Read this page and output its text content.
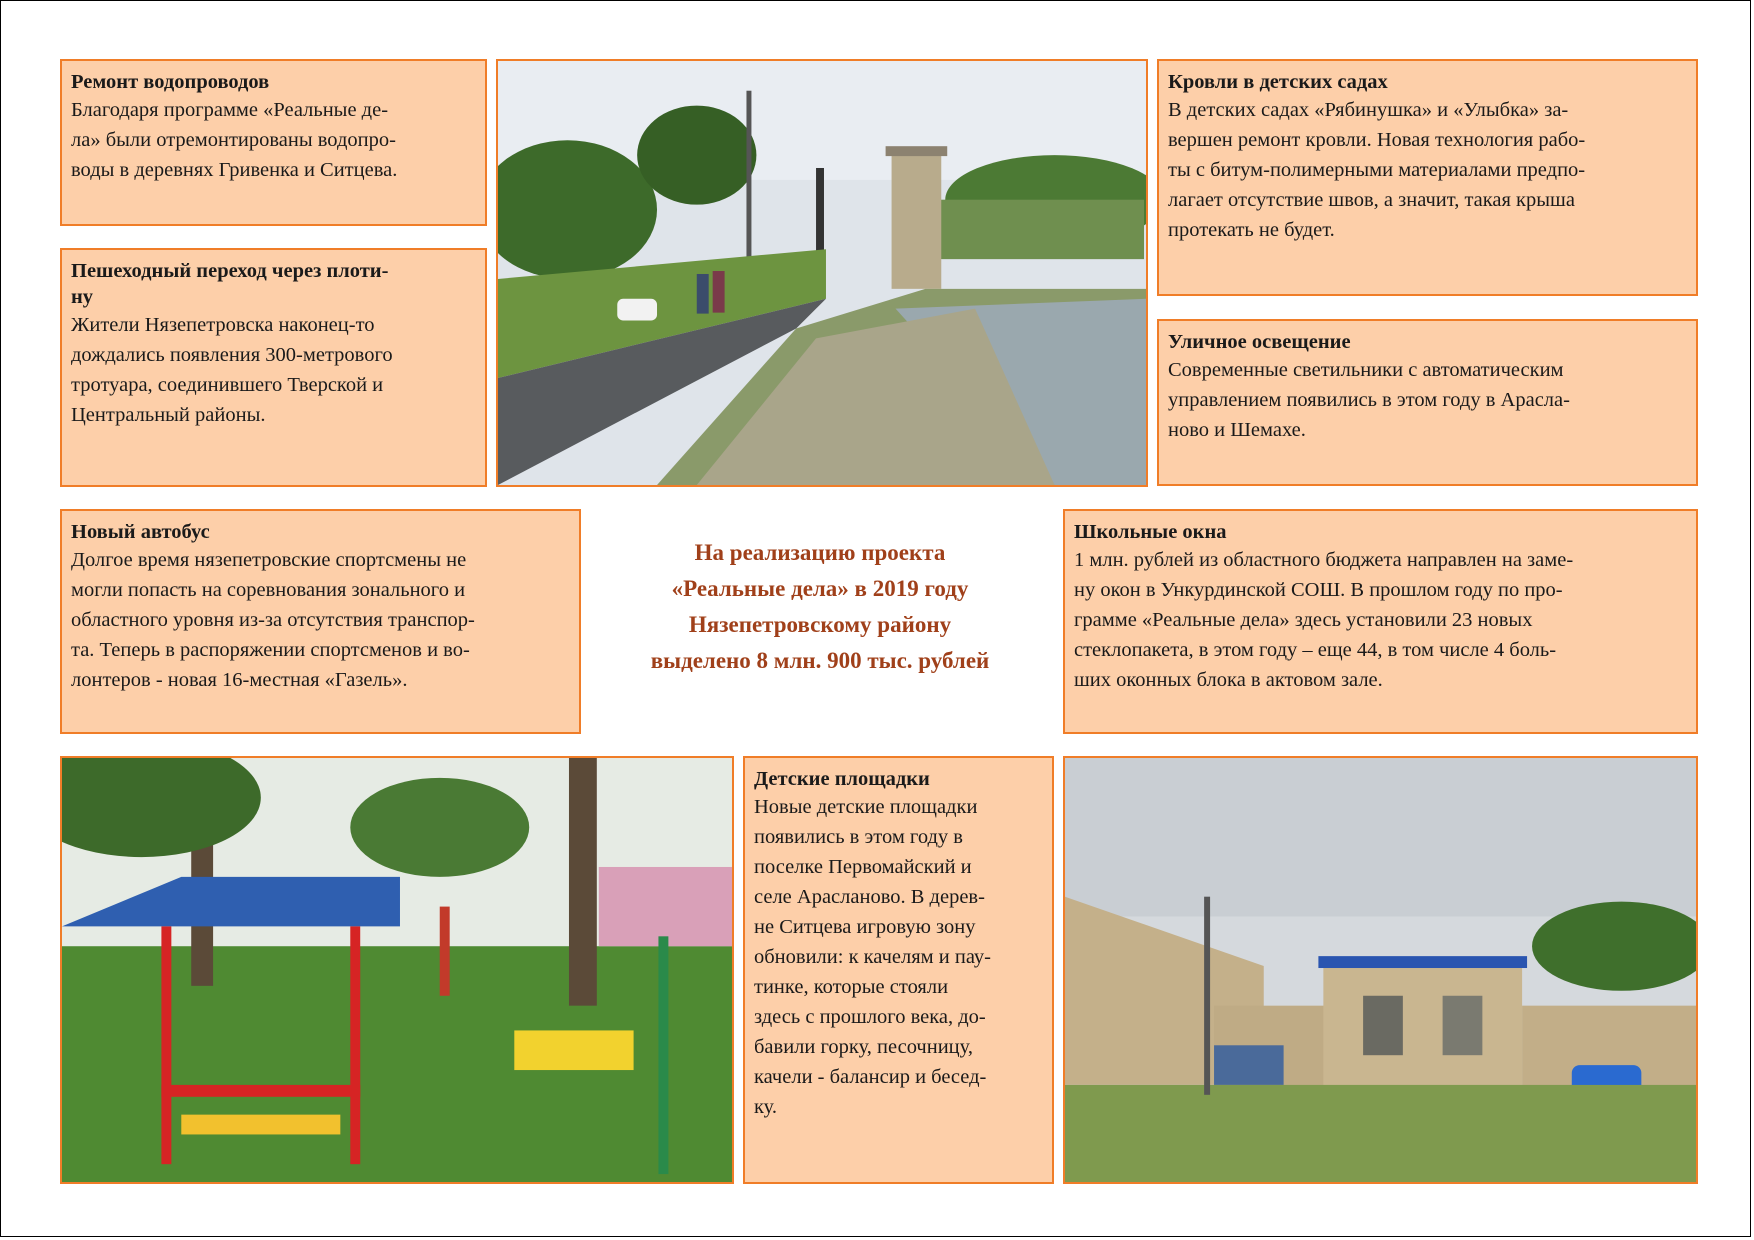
Ремонт водопроводов

Благодаря программе «Реальные де-

ла» были отремонтированы водопро-

воды в деревнях Гривенка и Ситцева.

Пешеходный переход через плоти-
ну

Жители Нязепетровска наконец-то

дождались появления 300-метрового

тротуара, соединившего Тверской и

Центральный районы.

Кровли в детских садах

В детских садах «Рябинушка» и «Улыбка» за-

вершен ремонт кровли. Новая технология рабо-

ты с битум-полимерными материалами предпо-

лагает отсутствие швов, а значит, такая крыша

протекать не будет.

Уличное освещение

Современные светильники с автоматическим

управлением появились в этом году в Арасла-

ново и Шемахе.

Новый автобус

Долгое время нязепетровские спортсмены не

могли попасть на соревнования зонального и

областного уровня из-за отсутствия транспор-

та. Теперь в распоряжении спортсменов и во-

лонтеров - новая 16-местная «Газель».

На реализацию проекта
«Реальные дела» в 2019 году
Нязепетровскому району
выделено 8 млн. 900 тыс. рублей
Школьные окна

1 млн. рублей из областного бюджета направлен на заме-

ну окон в Ункурдинской СОШ. В прошлом году по про-

грамме «Реальные дела» здесь установили 23 новых

стеклопакета, в этом году – еще 44, в том числе 4 боль-

ших оконных блока в актовом зале.

Детские площадки

Новые детские площадки

появились в этом году в

поселке Первомайский и

селе Арасланово. В дерев-

не Ситцева игровую зону

обновили: к качелям и пау-

тинке, которые стояли

здесь с прошлого века, до-

бавили горку, песочницу,

качели - балансир и бесед-

ку.
